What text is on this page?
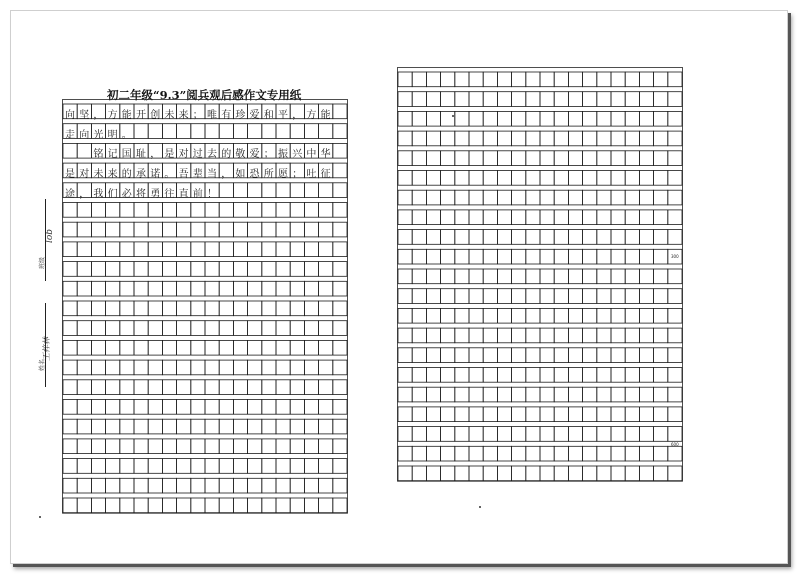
初二年级“9.3”阅兵观后感作文专用纸
向 坚 ， 方 能 开 创 未 来 ； 唯 有 珍 爱 和 平 ， 方 能
走 向 光 明 。
铭 记 国 耻 ， 是 对 过 去 的 敬 爱 ； 振 兴 中 华
是 对 未 来 的 承 诺 。 吾 辈 当 ， 如 恐 所 愿 ； 吐 征
途 ， 我 们 必 将 勇 往 直 前 ！
班级
lob
姓名
王梓林
300
600
